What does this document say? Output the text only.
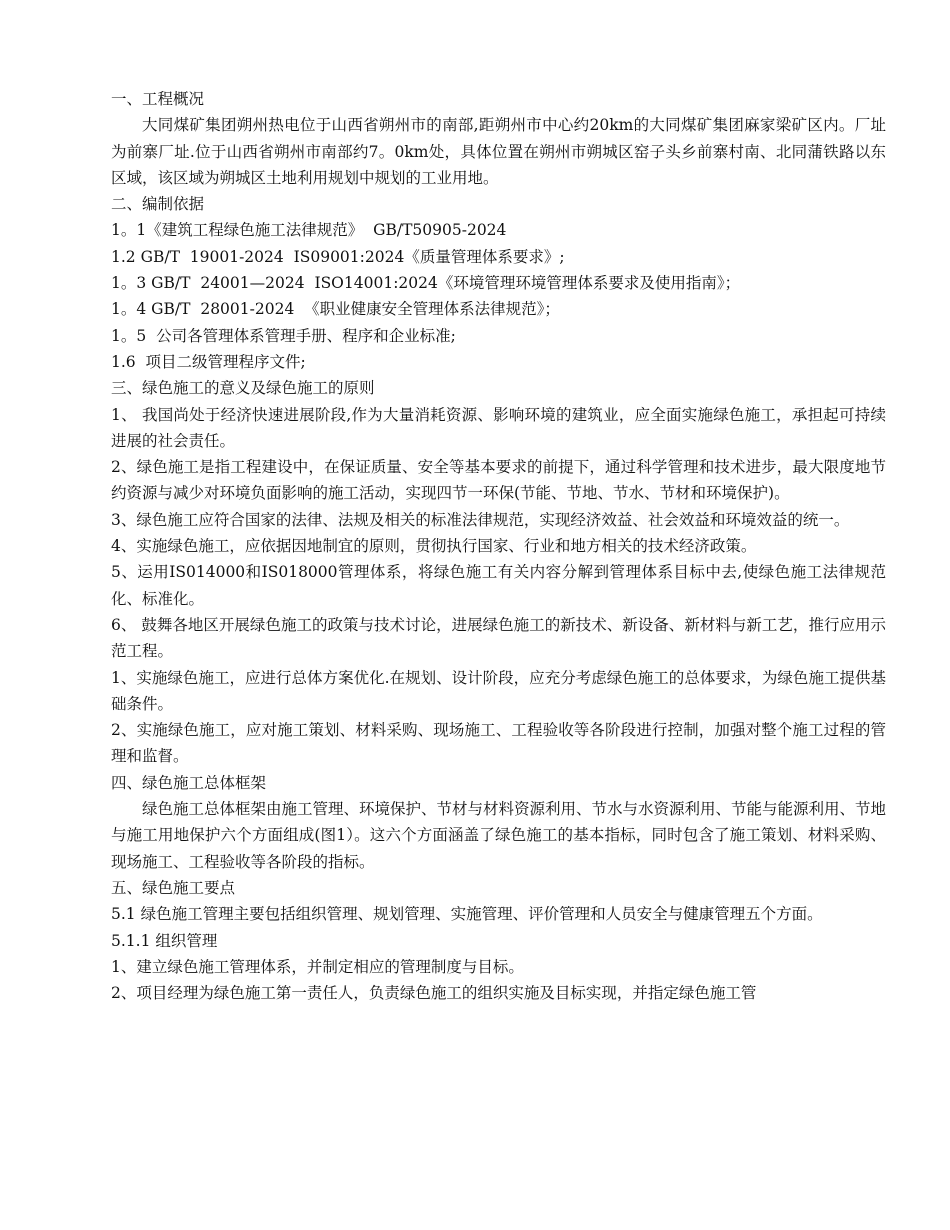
一、工程概况

大同煤矿集团朔州热电位于山西省朔州市的南部,距朔州市中心约20km的大同煤矿集团麻家梁矿区内。厂址为前寨厂址.位于山西省朔州市南部约7。0km处，具体位置在朔州市朔城区窑子头乡前寨村南、北同蒲铁路以东区域，该区域为朔城区土地利用规划中规划的工业用地。

二、编制依据

1。1《建筑工程绿色施工法律规范》  GB/T50905-2024

1.2 GB/T  19001-2024  IS09001:2024《质量管理体系要求》;

1。3 GB/T  24001—2024  ISO14001:2024《环境管理环境管理体系要求及使用指南》；

1。4 GB/T  28001-2024  《职业健康安全管理体系法律规范》；

1。5  公司各管理体系管理手册、程序和企业标准;

1.6  项目二级管理程序文件;

三、绿色施工的意义及绿色施工的原则

1、 我国尚处于经济快速进展阶段,作为大量消耗资源、影响环境的建筑业，应全面实施绿色施工，承担起可持续进展的社会责任。

2、绿色施工是指工程建设中，在保证质量、安全等基本要求的前提下，通过科学管理和技术进步，最大限度地节约资源与减少对环境负面影响的施工活动，实现四节一环保(节能、节地、节水、节材和环境保护)。

3、绿色施工应符合国家的法律、法规及相关的标准法律规范，实现经济效益、社会效益和环境效益的统一。

4、实施绿色施工，应依据因地制宜的原则，贯彻执行国家、行业和地方相关的技术经济政策。

5、运用IS014000和IS018000管理体系，将绿色施工有关内容分解到管理体系目标中去,使绿色施工法律规范化、标准化。

6、 鼓舞各地区开展绿色施工的政策与技术讨论，进展绿色施工的新技术、新设备、新材料与新工艺，推行应用示范工程。

1、实施绿色施工，应进行总体方案优化.在规划、设计阶段，应充分考虑绿色施工的总体要求，为绿色施工提供基础条件。

2、实施绿色施工，应对施工策划、材料采购、现场施工、工程验收等各阶段进行控制，加强对整个施工过程的管理和监督。

四、绿色施工总体框架

绿色施工总体框架由施工管理、环境保护、节材与材料资源利用、节水与水资源利用、节能与能源利用、节地与施工用地保护六个方面组成(图1）。这六个方面涵盖了绿色施工的基本指标，同时包含了施工策划、材料采购、现场施工、工程验收等各阶段的指标。

五、绿色施工要点

5.1 绿色施工管理主要包括组织管理、规划管理、实施管理、评价管理和人员安全与健康管理五个方面。

5.1.1 组织管理

1、建立绿色施工管理体系，并制定相应的管理制度与目标。

2、项目经理为绿色施工第一责任人，负责绿色施工的组织实施及目标实现，并指定绿色施工管
